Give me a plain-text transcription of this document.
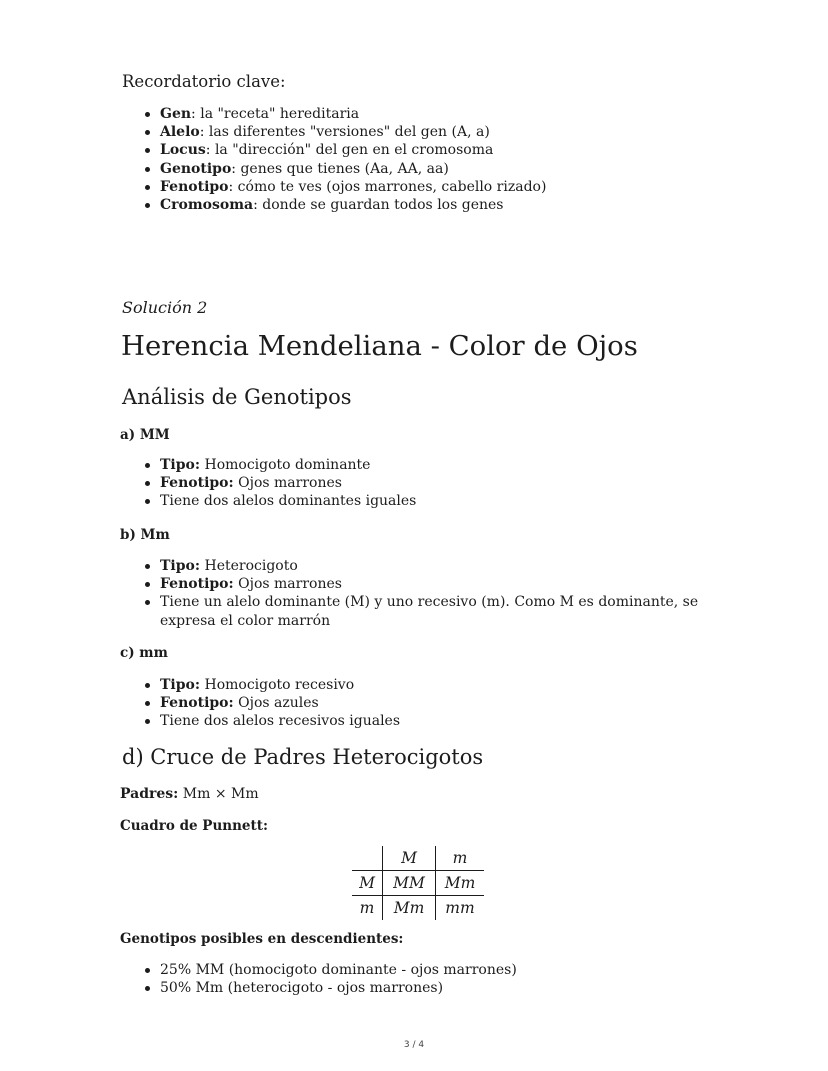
Recordatorio clave:
Gen: la "receta" hereditaria
Alelo: las diferentes "versiones" del gen (A, a)
Locus: la "dirección" del gen en el cromosoma
Genotipo: genes que tienes (Aa, AA, aa)
Fenotipo: cómo te ves (ojos marrones, cabello rizado)
Cromosoma: donde se guardan todos los genes
Solución 2
Herencia Mendeliana - Color de Ojos
Análisis de Genotipos
a) MM
Tipo: Homocigoto dominante
Fenotipo: Ojos marrones
Tiene dos alelos dominantes iguales
b) Mm
Tipo: Heterocigoto
Fenotipo: Ojos marrones
Tiene un alelo dominante (M) y uno recesivo (m). Como M es dominante, se expresa el color marrón
c) mm
Tipo: Homocigoto recesivo
Fenotipo: Ojos azules
Tiene dos alelos recesivos iguales
d) Cruce de Padres Heterocigotos
Padres: Mm × Mm
Cuadro de Punnett:
	M	m
M	MM	Mm
m	Mm	mm
Genotipos posibles en descendientes:
25% MM (homocigoto dominante - ojos marrones)
50% Mm (heterocigoto - ojos marrones)
3 / 4
